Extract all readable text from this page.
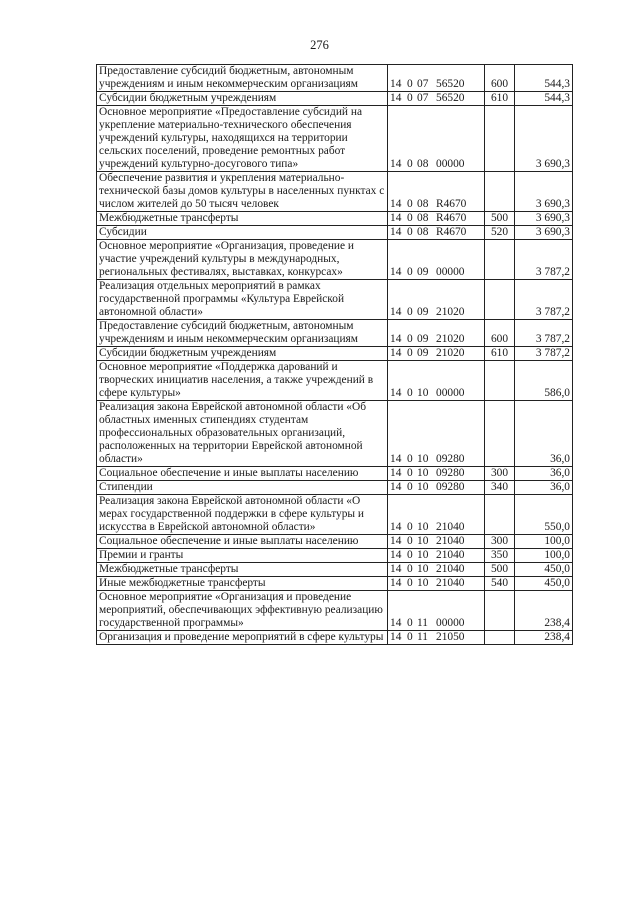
276
Предоставление субсидий бюджетным, автономным учреждениям и иным некоммерческим организациям	14 0 07 56520	600	544,3
Субсидии бюджетным учреждениям	14 0 07 56520	610	544,3
Основное мероприятие «Предоставление субсидий на укрепление материально-технического обеспечения учреждений культуры, находящихся на территории сельских поселений, проведение ремонтных работ учреждений культурно-досугового типа»	14 0 08 00000		3 690,3
Обеспечение развития и укрепления материально-технической базы домов культуры в населенных пунктах с числом жителей до 50 тысяч человек	14 0 08 R4670		3 690,3
Межбюджетные трансферты	14 0 08 R4670	500	3 690,3
Субсидии	14 0 08 R4670	520	3 690,3
Основное мероприятие «Организация, проведение и участие учреждений культуры в международных, региональных фестивалях, выставках, конкурсах»	14 0 09 00000		3 787,2
Реализация отдельных мероприятий в рамках государственной программы «Культура Еврейской автономной области»	14 0 09 21020		3 787,2
Предоставление субсидий бюджетным, автономным учреждениям и иным некоммерческим организациям	14 0 09 21020	600	3 787,2
Субсидии бюджетным учреждениям	14 0 09 21020	610	3 787,2
Основное мероприятие «Поддержка дарований и творческих инициатив населения, а также учреждений в сфере культуры»	14 0 10 00000		586,0
Реализация закона Еврейской автономной области «Об областных именных стипендиях студентам профессиональных образовательных организаций, расположенных на территории Еврейской автономной области»	14 0 10 09280		36,0
Социальное обеспечение и иные выплаты населению	14 0 10 09280	300	36,0
Стипендии	14 0 10 09280	340	36,0
Реализация закона Еврейской автономной области «О мерах государственной поддержки в сфере культуры и искусства в Еврейской автономной области»	14 0 10 21040		550,0
Социальное обеспечение и иные выплаты населению	14 0 10 21040	300	100,0
Премии и гранты	14 0 10 21040	350	100,0
Межбюджетные трансферты	14 0 10 21040	500	450,0
Иные межбюджетные трансферты	14 0 10 21040	540	450,0
Основное мероприятие «Организация и проведение мероприятий, обеспечивающих эффективную реализацию государственной программы»	14 0 11 00000		238,4
Организация и проведение мероприятий в сфере культуры	14 0 11 21050		238,4
